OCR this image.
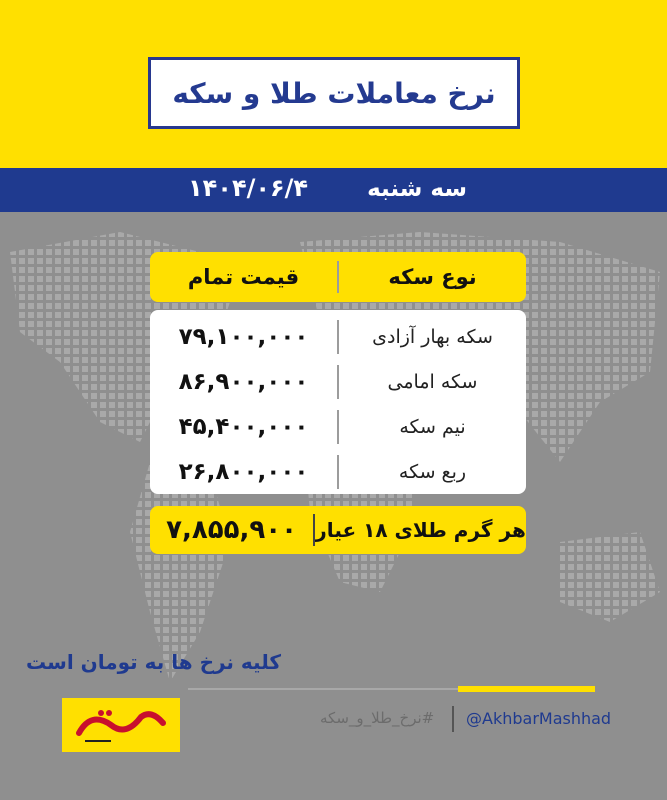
نرخ معاملات طلا و سکه
سه شنبه
۱۴۰۴/۰۶/۴
نوع سکه
قیمت تمام
سکه بهار آزادی
۷۹,۱۰۰,۰۰۰
سکه امامی
۸۶,۹۰۰,۰۰۰
نیم سکه
۴۵,۴۰۰,۰۰۰
ربع سکه
۲۶,۸۰۰,۰۰۰
هر گرم طلای ۱۸ عیار
۷,۸۵۵,۹۰۰
کلیه نرخ ها به تومان است
#نرخ_طلا_و_سکه @AkhbarMashhad
